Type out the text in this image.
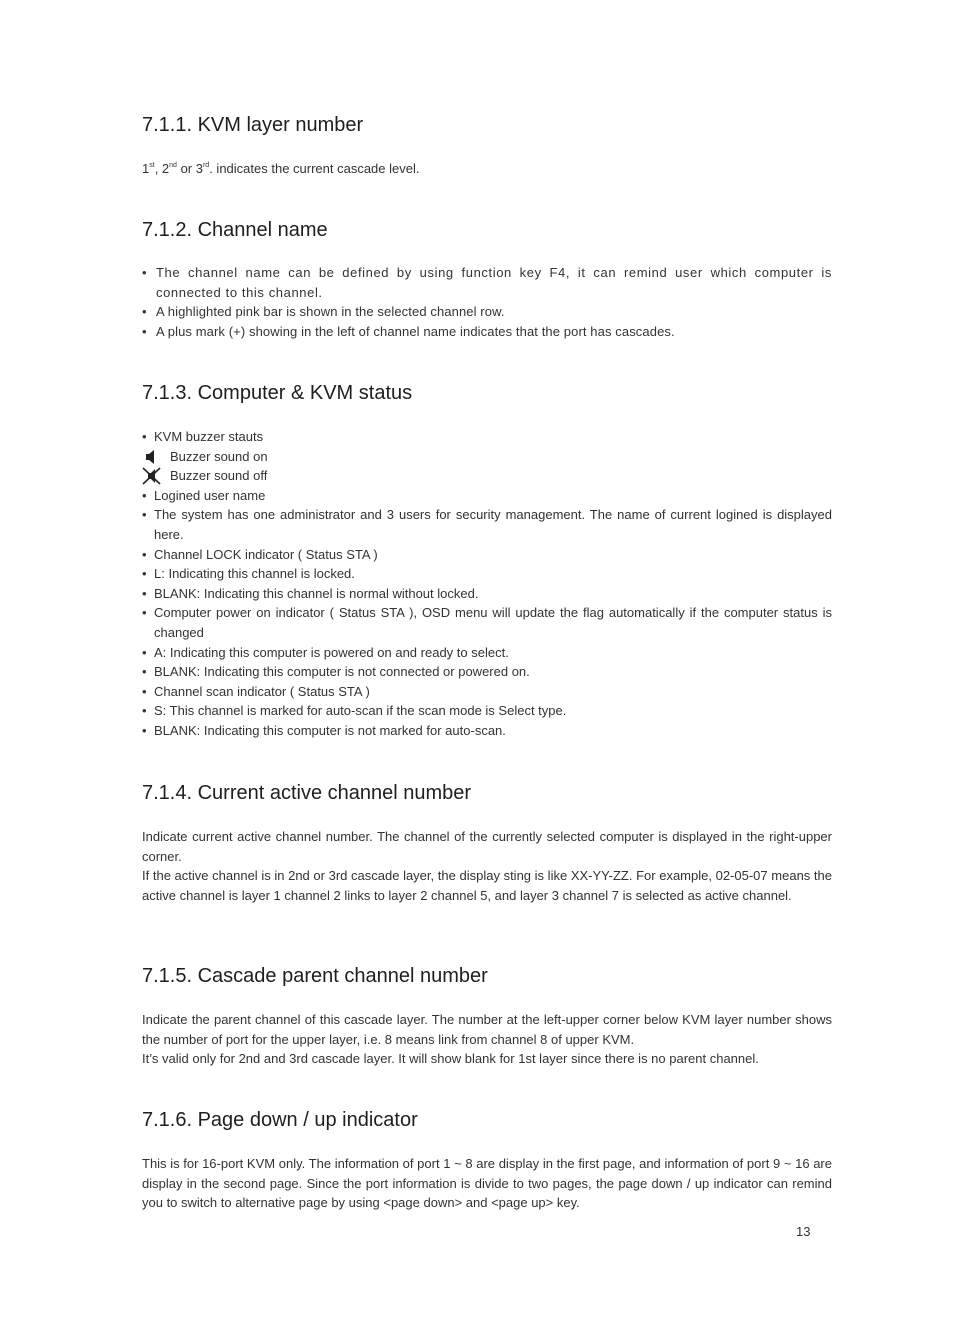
7.1.1. KVM layer number

1st, 2nd or 3rd. indicates the current cascade level.

7.1.2. Channel name
• The channel name can be defined by using function key F4, it can remind user which computer is connected to this channel.
• A highlighted pink bar is shown in the selected channel row.
• A plus mark (+) showing in the left of channel name indicates that the port has cascades.
7.1.3. Computer & KVM status
• KVM buzzer stauts
Buzzer sound on
Buzzer sound off
• Logined user name
• The system has one administrator and 3 users for security management. The name of current logined is displayed here.
• Channel LOCK indicator ( Status STA )
• L: Indicating this channel is locked.
• BLANK: Indicating this channel is normal without locked.
• Computer power on indicator ( Status STA ), OSD menu will update the flag automatically if the computer status is changed
• A: Indicating this computer is powered on and ready to select.
• BLANK: Indicating this computer is not connected or powered on.
• Channel scan indicator ( Status STA )
• S: This channel is marked for auto-scan if the scan mode is Select type.
• BLANK: Indicating this computer is not marked for auto-scan.
7.1.4. Current active channel number

Indicate current active channel number. The channel of the currently selected computer is displayed in the right-upper corner.

If the active channel is in 2nd or 3rd cascade layer, the display sting is like XX-YY-ZZ. For example, 02-05-07 means the active channel is layer 1 channel 2 links to layer 2 channel 5, and layer 3 channel 7 is selected as active channel.

7.1.5. Cascade parent channel number

Indicate the parent channel of this cascade layer. The number at the left-upper corner below KVM layer number shows the number of port for the upper layer, i.e. 8 means link from channel 8 of upper KVM.

It’s valid only for 2nd and 3rd cascade layer. It will show blank for 1st layer since there is no parent channel.

7.1.6. Page down / up indicator

This is for 16-port KVM only. The information of port 1 ~ 8 are display in the first page, and information of port 9 ~ 16 are display in the second page. Since the port information is divide to two pages, the page down / up indicator can remind you to switch to alternative page by using <page down> and <page up> key.

13
